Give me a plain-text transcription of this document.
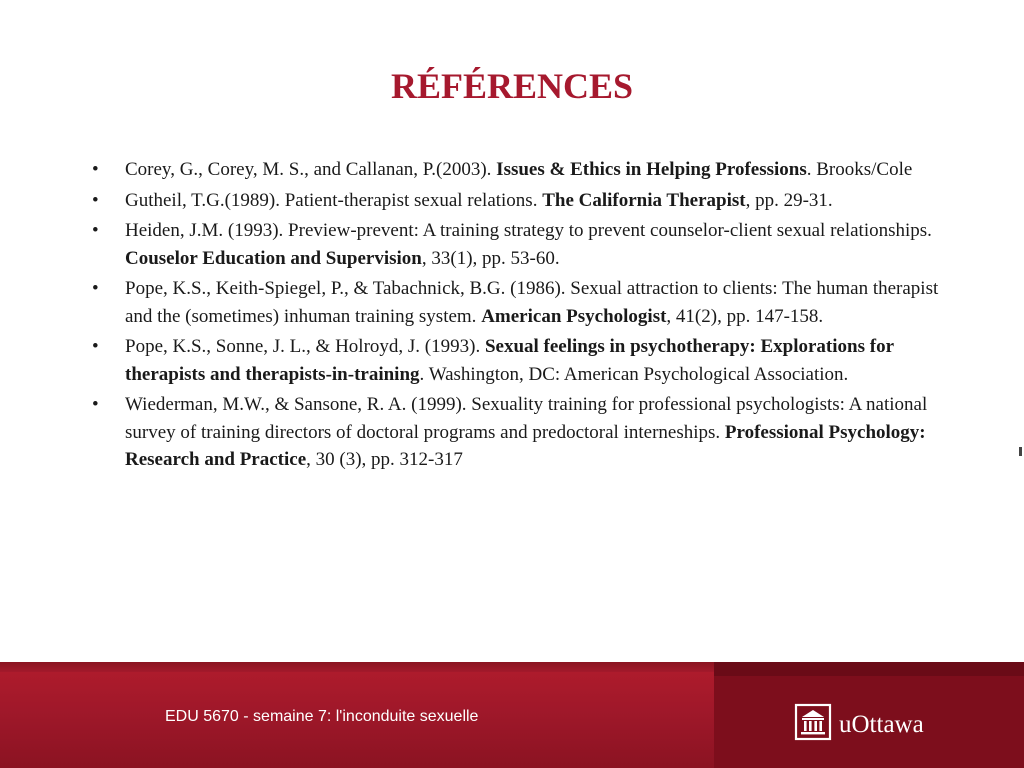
RÉFÉRENCES
•	Corey, G., Corey, M. S., and Callanan, P.(2003). Issues & Ethics in Helping Professions. Brooks/Cole
•	Gutheil, T.G.(1989). Patient-therapist sexual relations. The California Therapist, pp. 29-31.
•	Heiden, J.M. (1993). Preview-prevent: A training strategy to prevent counselor-client sexual relationships. Couselor Education and Supervision, 33(1), pp. 53-60.
•	Pope, K.S., Keith-Spiegel, P., & Tabachnick, B.G. (1986). Sexual attraction to clients: The human therapist and the (sometimes) inhuman training system. American Psychologist, 41(2), pp. 147-158.
•	Pope, K.S., Sonne, J. L., & Holroyd, J. (1993). Sexual feelings in psychotherapy: Explorations for therapists and therapists-in-training. Washington, DC: American Psychological Association.
•	Wiederman, M.W., & Sansone, R. A. (1999). Sexuality training for professional psychologists: A national survey of training directors of doctoral programs and predoctoral interneships. Professional Psychology: Research and Practice, 30 (3), pp. 312-317
EDU 5670 - semaine 7: l'inconduite sexuelle	uOttawa
